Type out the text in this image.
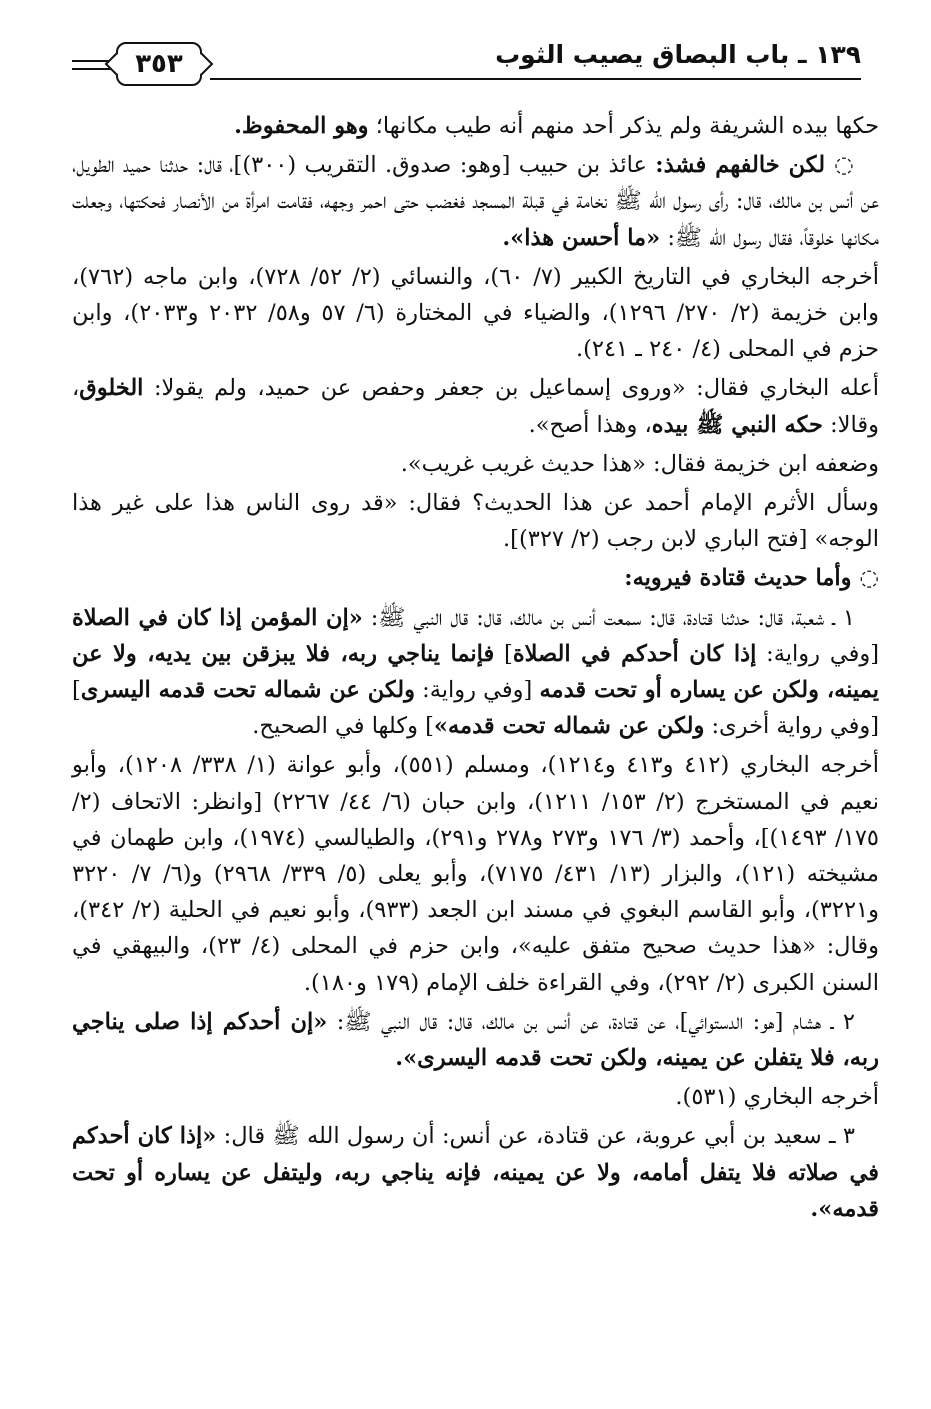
٣٥٣	١٣٩ ـ باب البصاق يصيب الثوب

حكها بيده الشريفة ولم يذكر أحد منهم أنه طيب مكانها؛ وهو المحفوظ.

◌ لكن خالفهم فشذ: عائذ بن حبيب [وهو: صدوق. التقريب (٣٠٠)]، قال: حدثنا حميد الطويل، عن أنس بن مالك، قال: رأى رسول الله ﷺ نخامة في قبلة المسجد فغضب حتى احمر وجهه، فقامت امرأة من الأنصار فحكتها، وجعلت مكانها خلوقاً، فقال رسول الله ﷺ: «ما أحسن هذا».

أخرجه البخاري في التاريخ الكبير (٧/ ٦٠)، والنسائي (٢/ ٥٢/ ٧٢٨)، وابن ماجه (٧٦٢)، وابن خزيمة (٢/ ٢٧٠/ ١٢٩٦)، والضياء في المختارة (٦/ ٥٧ و٥٨/ ٢٠٣٢ و٢٠٣٣)، وابن حزم في المحلى (٤/ ٢٤٠ ـ ٢٤١).

أعله البخاري فقال: «وروى إسماعيل بن جعفر وحفص عن حميد، ولم يقولا: الخلوق، وقالا: حكه النبي ﷺ بيده، وهذا أصح».

وضعفه ابن خزيمة فقال: «هذا حديث غريب غريب».

وسأل الأثرم الإمام أحمد عن هذا الحديث؟ فقال: «قد روى الناس هذا على غير هذا الوجه» [فتح الباري لابن رجب (٢/ ٣٢٧)].

◌ وأما حديث قتادة فيرويه:

١ ـ شعبة، قال: حدثنا قتادة، قال: سمعت أنس بن مالك، قال: قال النبي ﷺ: «إن المؤمن إذا كان في الصلاة [وفي رواية: إذا كان أحدكم في الصلاة] فإنما يناجي ربه، فلا يبزقن بين يديه، ولا عن يمينه، ولكن عن يساره أو تحت قدمه [وفي رواية: ولكن عن شماله تحت قدمه اليسرى] [وفي رواية أخرى: ولكن عن شماله تحت قدمه»] وكلها في الصحيح.

أخرجه البخاري (٤١٢ و٤١٣ و١٢١٤)، ومسلم (٥٥١)، وأبو عوانة (١/ ٣٣٨/ ١٢٠٨)، وأبو نعيم في المستخرج (٢/ ١٥٣/ ١٢١١)، وابن حبان (٦/ ٤٤/ ٢٢٦٧) [وانظر: الاتحاف (٢/ ١٧٥/ ١٤٩٣)]، وأحمد (٣/ ١٧٦ و٢٧٣ و٢٧٨ و٢٩١)، والطيالسي (١٩٧٤)، وابن طهمان في مشيخته (١٢١)، والبزار (١٣/ ٤٣١/ ٧١٧٥)، وأبو يعلى (٥/ ٣٣٩/ ٢٩٦٨) و(٦/ ٧/ ٣٢٢٠ و٣٢٢١)، وأبو القاسم البغوي في مسند ابن الجعد (٩٣٣)، وأبو نعيم في الحلية (٢/ ٣٤٢)، وقال: «هذا حديث صحيح متفق عليه»، وابن حزم في المحلى (٤/ ٢٣)، والبيهقي في السنن الكبرى (٢/ ٢٩٢)، وفي القراءة خلف الإمام (١٧٩ و١٨٠).

٢ ـ هشام [هو: الدستوائي]، عن قتادة، عن أنس بن مالك، قال: قال النبي ﷺ: «إن أحدكم إذا صلى يناجي ربه، فلا يتفلن عن يمينه، ولكن تحت قدمه اليسرى».

أخرجه البخاري (٥٣١).

٣ ـ سعيد بن أبي عروبة، عن قتادة، عن أنس: أن رسول الله ﷺ قال: «إذا كان أحدكم في صلاته فلا يتفل أمامه، ولا عن يمينه، فإنه يناجي ربه، وليتفل عن يساره أو تحت قدمه».
